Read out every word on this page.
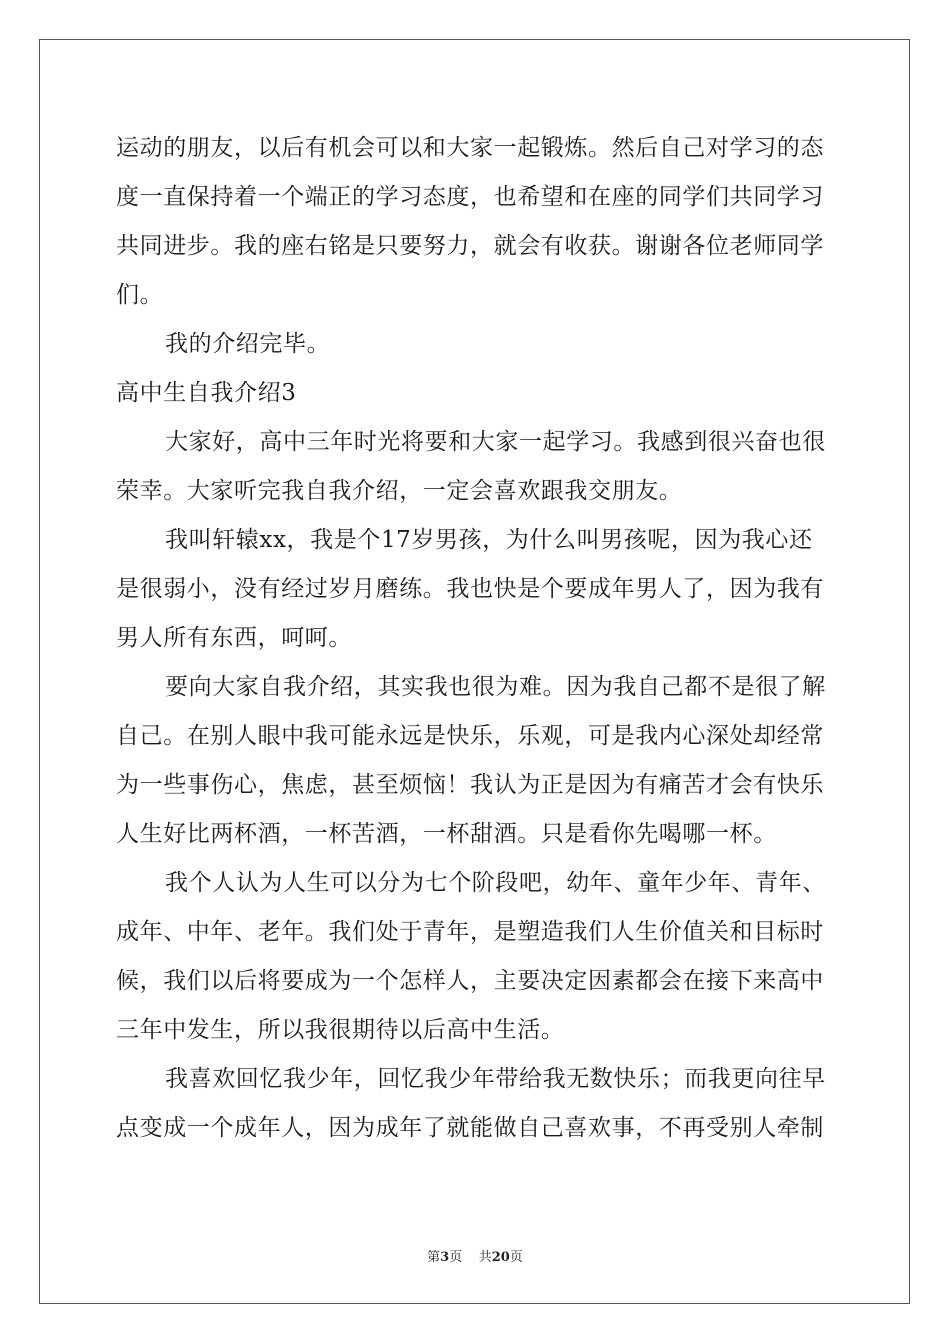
运动的朋友，以后有机会可以和大家一起锻炼。然后自己对学习的态
度一直保持着一个端正的学习态度，也希望和在座的同学们共同学习
共同进步。我的座右铭是只要努力，就会有收获。谢谢各位老师同学
们。
我的介绍完毕。
高中生自我介绍3
大家好，高中三年时光将要和大家一起学习。我感到很兴奋也很
荣幸。大家听完我自我介绍，一定会喜欢跟我交朋友。
我叫轩辕xx，我是个17岁男孩，为什么叫男孩呢，因为我心还
是很弱小，没有经过岁月磨练。我也快是个要成年男人了，因为我有
男人所有东西，呵呵。
要向大家自我介绍，其实我也很为难。因为我自己都不是很了解
自己。在别人眼中我可能永远是快乐，乐观，可是我内心深处却经常
为一些事伤心，焦虑，甚至烦恼！我认为正是因为有痛苦才会有快乐
人生好比两杯酒，一杯苦酒，一杯甜酒。只是看你先喝哪一杯。
我个人认为人生可以分为七个阶段吧，幼年、童年少年、青年、
成年、中年、老年。我们处于青年，是塑造我们人生价值关和目标时
候，我们以后将要成为一个怎样人，主要决定因素都会在接下来高中
三年中发生，所以我很期待以后高中生活。
我喜欢回忆我少年，回忆我少年带给我无数快乐；而我更向往早
点变成一个成年人，因为成年了就能做自己喜欢事，不再受别人牵制
第3页 共20页
